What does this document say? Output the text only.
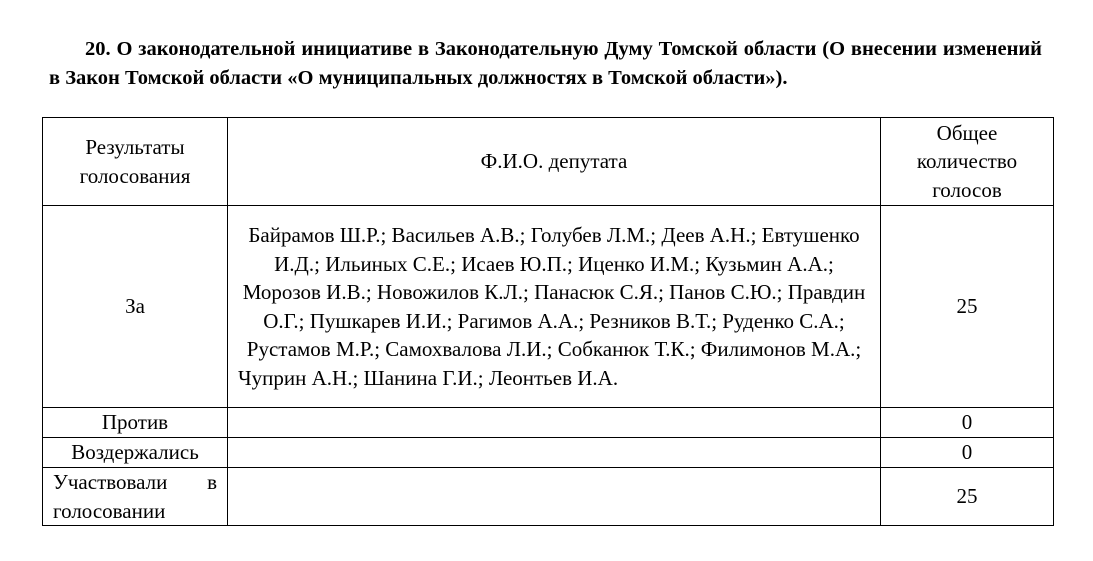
20. О законодательной инициативе в Законодательную Думу Томской области (О внесении изменений в Закон Томской области «О муниципальных должностях в Томской области»).

Результаты голосования	Ф.И.О. депутата	Общее количество голосов
За	Байрамов Ш.Р.; Васильев А.В.; Голубев Л.М.; Деев А.Н.; Евтушенко И.Д.; Ильиных С.Е.; Исаев Ю.П.; Иценко И.М.; Кузьмин А.А.; Морозов И.В.; Новожилов К.Л.; Панасюк С.Я.; Панов С.Ю.; Правдин О.Г.; Пушкарев И.И.; Рагимов А.А.; Резников В.Т.; Руденко С.А.; Рустамов М.Р.; Самохвалова Л.И.; Собканюк Т.К.; Филимонов М.А.; Чуприн А.Н.; Шанина Г.И.; Леонтьев И.А.	25
Против		0
Воздержались		0
Участвовали в голосовании		25
